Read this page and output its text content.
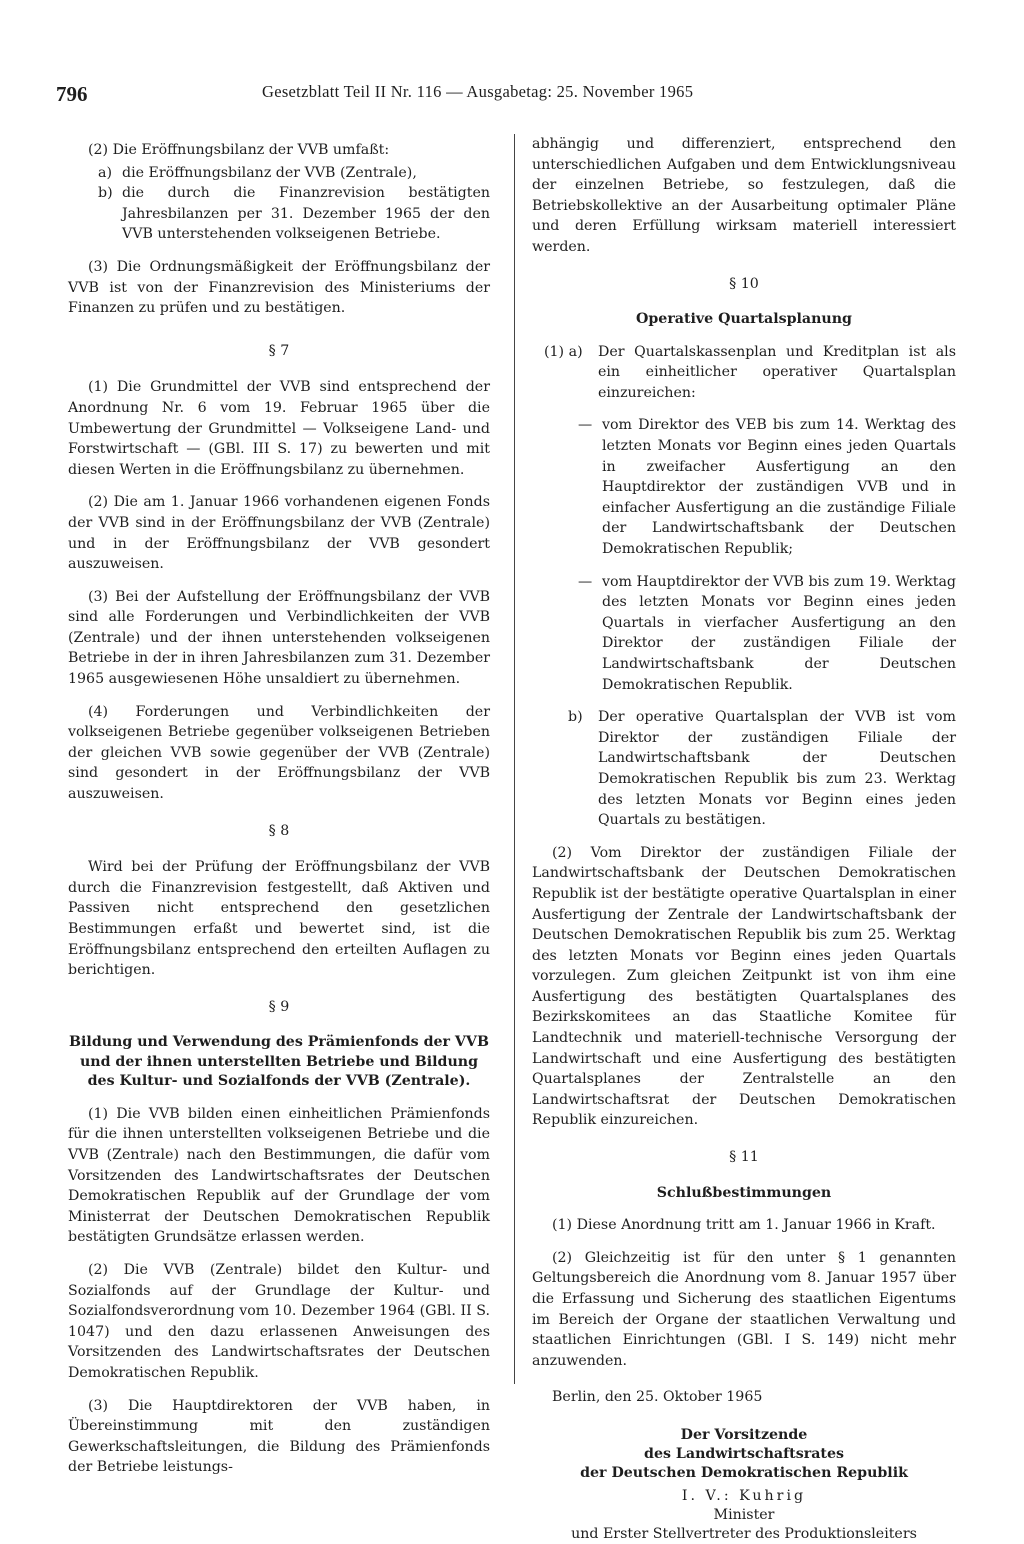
796	Gesetzblatt Teil II Nr. 116 — Ausgabetag: 25. November 1965

(2) Die Eröffnungsbilanz der VVB umfaßt:

a) die Eröffnungsbilanz der VVB (Zentrale),
b) die durch die Finanzrevision bestätigten Jahresbilanzen per 31. Dezember 1965 der den VVB unterstehenden volkseigenen Betriebe.

(3) Die Ordnungsmäßigkeit der Eröffnungsbilanz der VVB ist von der Finanzrevision des Ministeriums der Finanzen zu prüfen und zu bestätigen.

§ 7

(1) Die Grundmittel der VVB sind entsprechend der Anordnung Nr. 6 vom 19. Februar 1965 über die Umbewertung der Grundmittel — Volkseigene Land- und Forstwirtschaft — (GBl. III S. 17) zu bewerten und mit diesen Werten in die Eröffnungsbilanz zu übernehmen.

(2) Die am 1. Januar 1966 vorhandenen eigenen Fonds der VVB sind in der Eröffnungsbilanz der VVB (Zentrale) und in der Eröffnungsbilanz der VVB gesondert auszuweisen.

(3) Bei der Aufstellung der Eröffnungsbilanz der VVB sind alle Forderungen und Verbindlichkeiten der VVB (Zentrale) und der ihnen unterstehenden volkseigenen Betriebe in der in ihren Jahresbilanzen zum 31. Dezember 1965 ausgewiesenen Höhe unsaldiert zu übernehmen.

(4) Forderungen und Verbindlichkeiten der volkseigenen Betriebe gegenüber volkseigenen Betrieben der gleichen VVB sowie gegenüber der VVB (Zentrale) sind gesondert in der Eröffnungsbilanz der VVB auszuweisen.

§ 8

Wird bei der Prüfung der Eröffnungsbilanz der VVB durch die Finanzrevision festgestellt, daß Aktiven und Passiven nicht entsprechend den gesetzlichen Bestimmungen erfaßt und bewertet sind, ist die Eröffnungsbilanz entsprechend den erteilten Auflagen zu berichtigen.

§ 9
Bildung und Verwendung des Prämienfonds der VVB und der ihnen unterstellten Betriebe und Bildung des Kultur- und Sozialfonds der VVB (Zentrale).

(1) Die VVB bilden einen einheitlichen Prämienfonds für die ihnen unterstellten volkseigenen Betriebe und die VVB (Zentrale) nach den Bestimmungen, die dafür vom Vorsitzenden des Landwirtschaftsrates der Deutschen Demokratischen Republik auf der Grundlage der vom Ministerrat der Deutschen Demokratischen Republik bestätigten Grundsätze erlassen werden.

(2) Die VVB (Zentrale) bildet den Kultur- und Sozialfonds auf der Grundlage der Kultur- und Sozialfondsverordnung vom 10. Dezember 1964 (GBl. II S. 1047) und den dazu erlassenen Anweisungen des Vorsitzenden des Landwirtschaftsrates der Deutschen Demokratischen Republik.

(3) Die Hauptdirektoren der VVB haben, in Übereinstimmung mit den zuständigen Gewerkschaftsleitungen, die Bildung des Prämienfonds der Betriebe leistungs-

abhängig und differenziert, entsprechend den unterschiedlichen Aufgaben und dem Entwicklungsniveau der einzelnen Betriebe, so festzulegen, daß die Betriebskollektive an der Ausarbeitung optimaler Pläne und deren Erfüllung wirksam materiell interessiert werden.

§ 10
Operative Quartalsplanung
(1) a)	Der Quartalskassenplan und Kreditplan ist als ein einheitlicher operativer Quartalsplan einzureichen:
— vom Direktor des VEB bis zum 14. Werktag des letzten Monats vor Beginn eines jeden Quartals in zweifacher Ausfertigung an den Hauptdirektor der zuständigen VVB und in einfacher Ausfertigung an die zuständige Filiale der Landwirtschaftsbank der Deutschen Demokratischen Republik;
— vom Hauptdirektor der VVB bis zum 19. Werktag des letzten Monats vor Beginn eines jeden Quartals in vierfacher Ausfertigung an den Direktor der zuständigen Filiale der Landwirtschaftsbank der Deutschen Demokratischen Republik.
b)	Der operative Quartalsplan der VVB ist vom Direktor der zuständigen Filiale der Landwirtschaftsbank der Deutschen Demokratischen Republik bis zum 23. Werktag des letzten Monats vor Beginn eines jeden Quartals zu bestätigen.

(2) Vom Direktor der zuständigen Filiale der Landwirtschaftsbank der Deutschen Demokratischen Republik ist der bestätigte operative Quartalsplan in einer Ausfertigung der Zentrale der Landwirtschaftsbank der Deutschen Demokratischen Republik bis zum 25. Werktag des letzten Monats vor Beginn eines jeden Quartals vorzulegen. Zum gleichen Zeitpunkt ist von ihm eine Ausfertigung des bestätigten Quartalsplanes des Bezirkskomitees an das Staatliche Komitee für Landtechnik und materiell-technische Versorgung der Landwirtschaft und eine Ausfertigung des bestätigten Quartalsplanes der Zentralstelle an den Landwirtschaftsrat der Deutschen Demokratischen Republik einzureichen.

§ 11
Schlußbestimmungen

(1) Diese Anordnung tritt am 1. Januar 1966 in Kraft.

(2) Gleichzeitig ist für den unter § 1 genannten Geltungsbereich die Anordnung vom 8. Januar 1957 über die Erfassung und Sicherung des staatlichen Eigentums im Bereich der Organe der staatlichen Verwaltung und staatlichen Einrichtungen (GBl. I S. 149) nicht mehr anzuwenden.

Berlin, den 25. Oktober 1965

Der Vorsitzende
des Landwirtschaftsrates
der Deutschen Demokratischen Republik
I. V.: Kuhrig
Minister
und Erster Stellvertreter des Produktionsleiters
